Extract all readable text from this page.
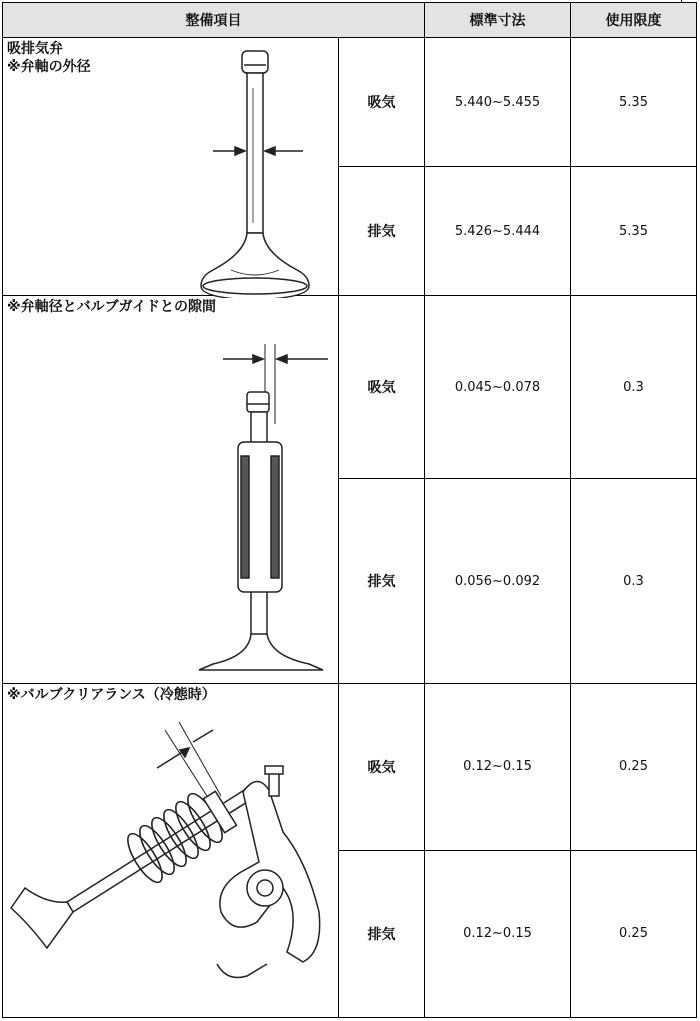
整備項目		標準寸法	使用限度

吸排気弁
※弁軸の外径	吸気	5.440~5.455	5.35
	排気	5.426~5.444	5.35

※弁軸径とバルブガイドとの隙間	吸気	0.045~0.078	0.3
	排気	0.056~0.092	0.3

※バルブクリアランス（冷態時）	吸気	0.12~0.15	0.25
	排気	0.12~0.15	0.25
